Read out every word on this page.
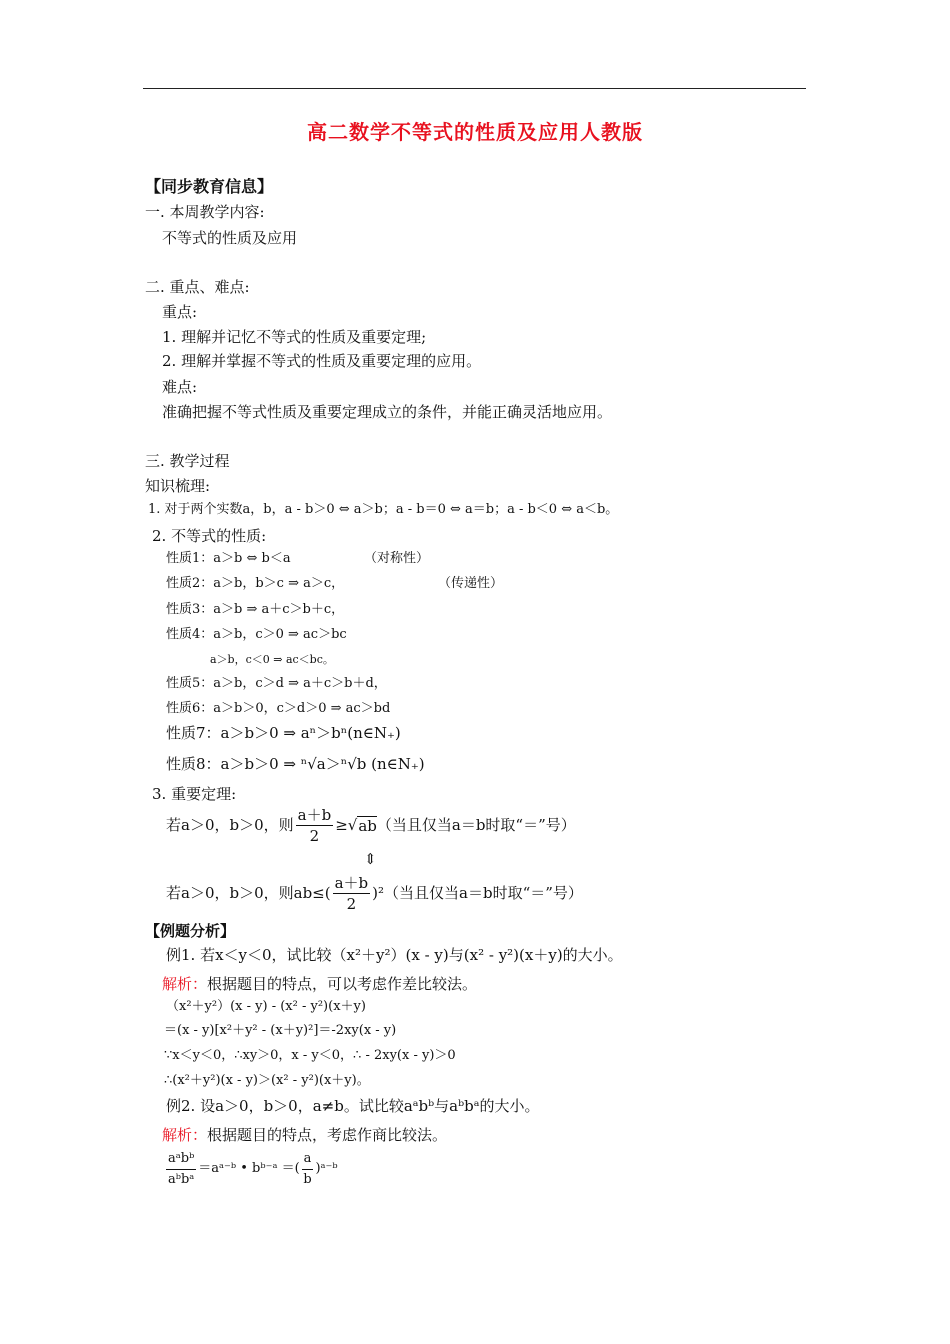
高二数学不等式的性质及应用人教版
【同步教育信息】
一. 本周教学内容:
不等式的性质及应用
二. 重点、难点:
重点:
1. 理解并记忆不等式的性质及重要定理;
2. 理解并掌握不等式的性质及重要定理的应用。
难点:
准确把握不等式性质及重要定理成立的条件，并能正确灵活地应用。
三. 教学过程
知识梳理:
1. 对于两个实数a，b，a - b＞0 ⇔ a＞b；a - b＝0 ⇔ a＝b；a - b＜0 ⇔ a＜b。
2. 不等式的性质:
性质1：a＞b ⇔ b＜a	（对称性）
性质2：a＞b，b＞c ⇒ a＞c，	（传递性）
性质3：a＞b ⇒ a＋c＞b＋c，
性质4：a＞b，c＞0 ⇒ ac＞bc
a＞b，c＜0 ⇒ ac＜bc。
性质5：a＞b，c＞d ⇒ a＋c＞b＋d，
性质6：a＞b＞0，c＞d＞0 ⇒ ac＞bd
性质7：a＞b＞0 ⇒ aⁿ＞bⁿ(n∈N₊)
性质8：a＞b＞0 ⇒ ⁿ√a＞ⁿ√b (n∈N₊)
3. 重要定理:
若a＞0，b＞0，则 $\frac{a+b}{2}$ ≥ √ ab （当且仅当a＝b时取“＝”号）
⇕
若a＞0，b＞0，则$ab\le( \frac{a+b}{2} )^2$（当且仅当a＝b时取“＝”号）
【例题分析】
例1. 若x＜y＜0，试比较（x²＋y²）(x - y)与(x² - y²)(x＋y)的大小。
解析：根据题目的特点，可以考虑作差比较法。
（x²＋y²）(x - y) - (x² - y²)(x＋y)
＝(x - y)[x²＋y² - (x＋y)²]＝-2xy(x - y)
∵x＜y＜0，∴xy＞0，x - y＜0，∴ - 2xy(x - y)＞0
∴(x²＋y²)(x - y)＞(x² - y²)(x＋y)。
例2. 设a＞0，b＞0，a≠b。试比较aᵃbᵇ与aᵇbᵃ的大小。
解析：根据题目的特点，考虑作商比较法。
$\frac{\text{aᵃbᵇ}}{\text{aᵇbᵃ}}$ ＝aᵃ⁻ᵇ • bᵇ⁻ᵃ ＝( $\frac{a}{b}$ )ᵃ⁻ᵇ
